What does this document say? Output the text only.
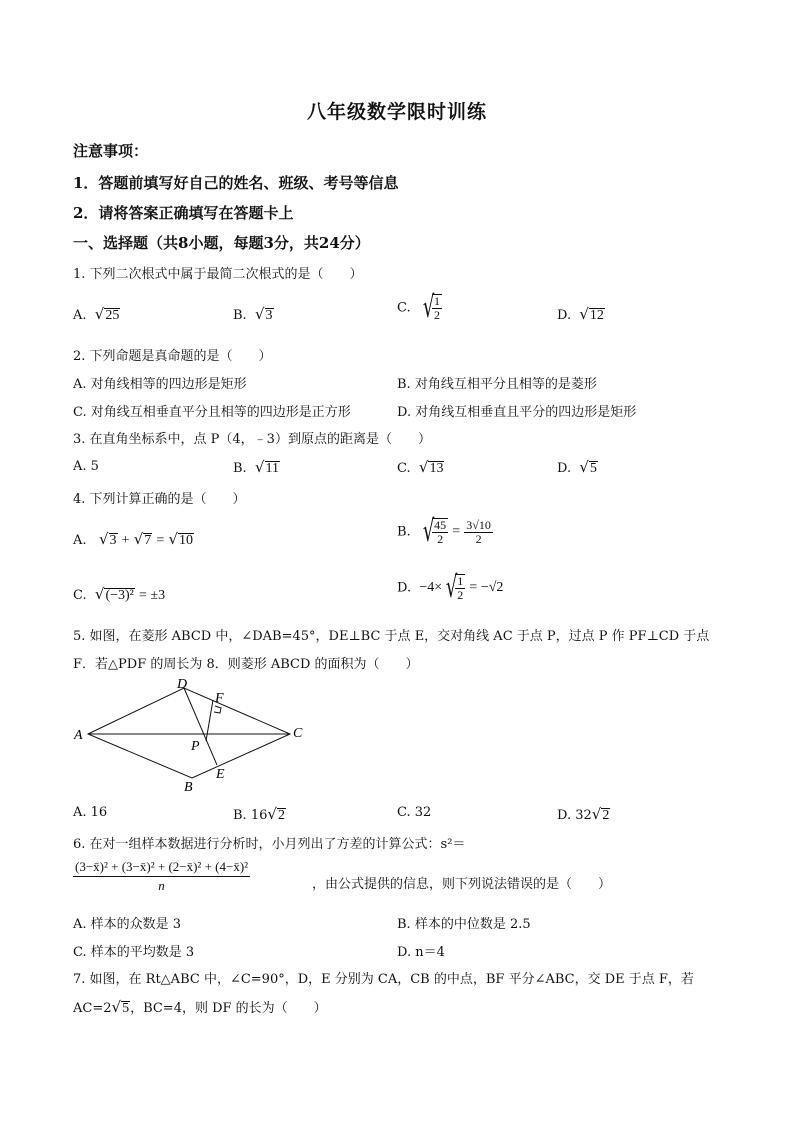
八年级数学限时训练
注意事项：
1．答题前填写好自己的姓名、班级、考号等信息
2．请将答案正确填写在答题卡上
一、选择题（共8小题，每题3分，共24分）
1. 下列二次根式中属于最简二次根式的是（　　）
A. √25	B. √3	C. √
$\frac{1}{2}$	D. √12
2. 下列命题是真命题的是（　　）
A. 对角线相等的四边形是矩形	B. 对角线互相平分且相等的是菱形
C. 对角线互相垂直平分且相等的四边形是正方形	D. 对角线互相垂直且平分的四边形是矩形
3. 在直角坐标系中，点 P（4，﹣3）到原点的距离是（　　）
A. 5	B. √11	C. √13	D. √5
4. 下列计算正确的是（　　）
A. √3 + √7 = √10
B. √
$\frac{45}{2} = \frac{3√10}{2}$
C. √(−3)² = ±3	D. −4× √
$\frac{1}{2} = -√2$
5. 如图，在菱形 ABCD 中，∠DAB=45°，DE⊥BC 于点 E，交对角线 AC 于点 P，过点 P 作 PF⊥CD 于点
F．若△PDF 的周长为 8．则菱形 ABCD 的面积为（　　）
A
D
F
C
P
E
B
A. 16	B. 16√2	C. 32	D. 32√2
6. 在对一组样本数据进行分析时，小月列出了方差的计算公式：s²＝
$\frac{\text{(3−x̄)² + (3−x̄)² + (2−x̄)² + (4−x̄)²}}{n}$	，由公式提供的信息，则下列说法错误的是（　　）
A. 样本的众数是 3	B. 样本的中位数是 2.5
C. 样本的平均数是 3	D. n＝4
7. 如图，在 Rt△ABC 中，∠C=90°，D，E 分别为 CA，CB 的中点，BF 平分∠ABC，交 DE 于点 F，若
AC=2√5，BC=4，则 DF 的长为（　　）
